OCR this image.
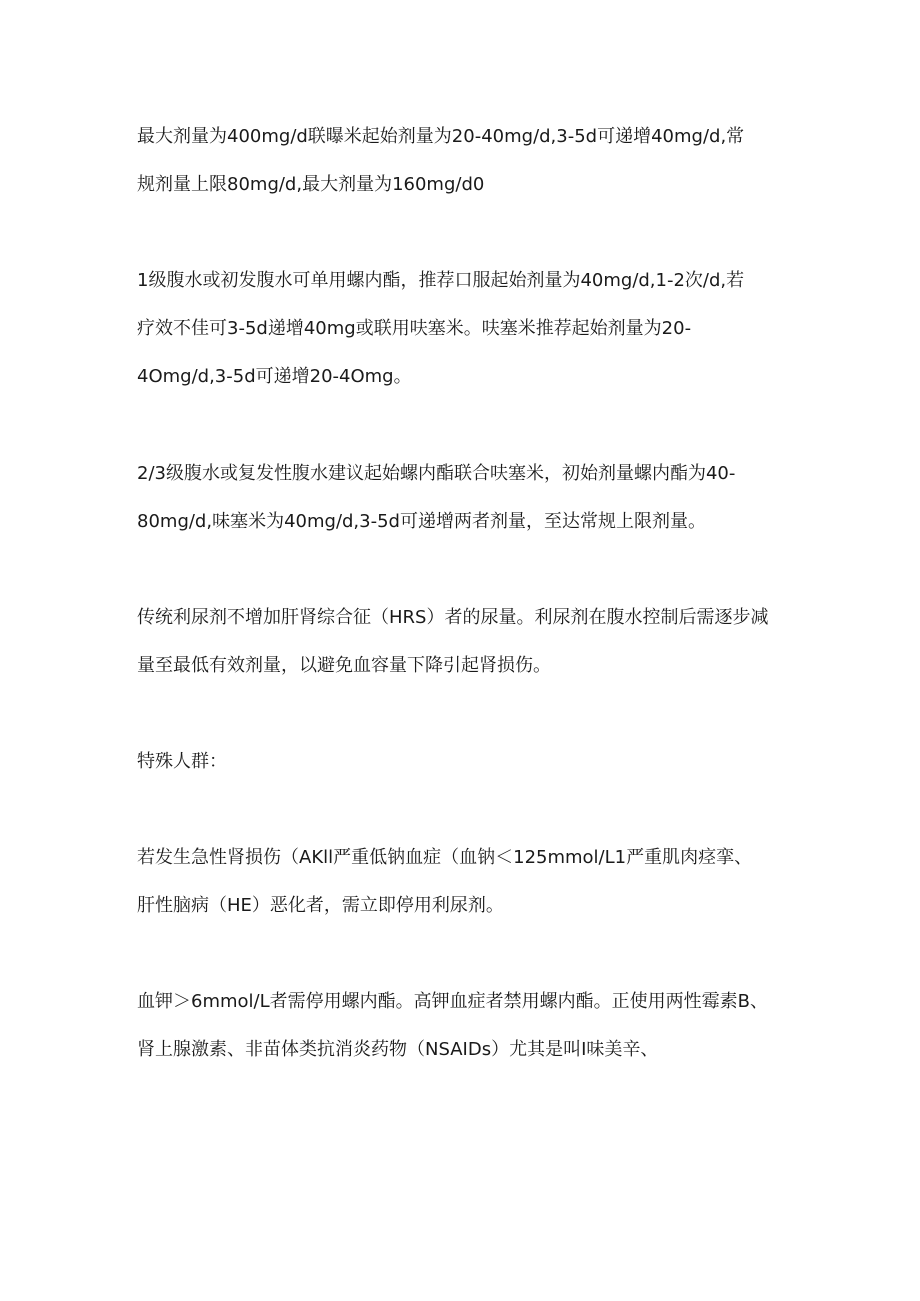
最大剂量为400mg/d联曝米起始剂量为20-40mg/d,3-5d可递增40mg/d,常
规剂量上限80mg/d,最大剂量为160mg/d0

1级腹水或初发腹水可单用螺内酯，推荐口服起始剂量为40mg/d,1-2次/d,若
疗效不佳可3-5d递增40mg或联用呋塞米。呋塞米推荐起始剂量为20-
4Omg/d,3-5d可递增20-4Omg。

2/3级腹水或复发性腹水建议起始螺内酯联合呋塞米，初始剂量螺内酯为40-
80mg/d,味塞米为40mg/d,3-5d可递增两者剂量，至达常规上限剂量。

传统利尿剂不增加肝肾综合征（HRS）者的尿量。利尿剂在腹水控制后需逐步减
量至最低有效剂量，以避免血容量下降引起肾损伤。

特殊人群：

若发生急性肾损伤（AKll严重低钠血症（血钠＜125mmol/L1严重肌肉痉挛、
肝性脑病（HE）恶化者，需立即停用利尿剂。

血钾＞6mmol/L者需停用螺内酯。高钾血症者禁用螺内酯。正使用两性霉素B、
肾上腺激素、非苗体类抗消炎药物（NSAIDs）尤其是叫I味美辛、
